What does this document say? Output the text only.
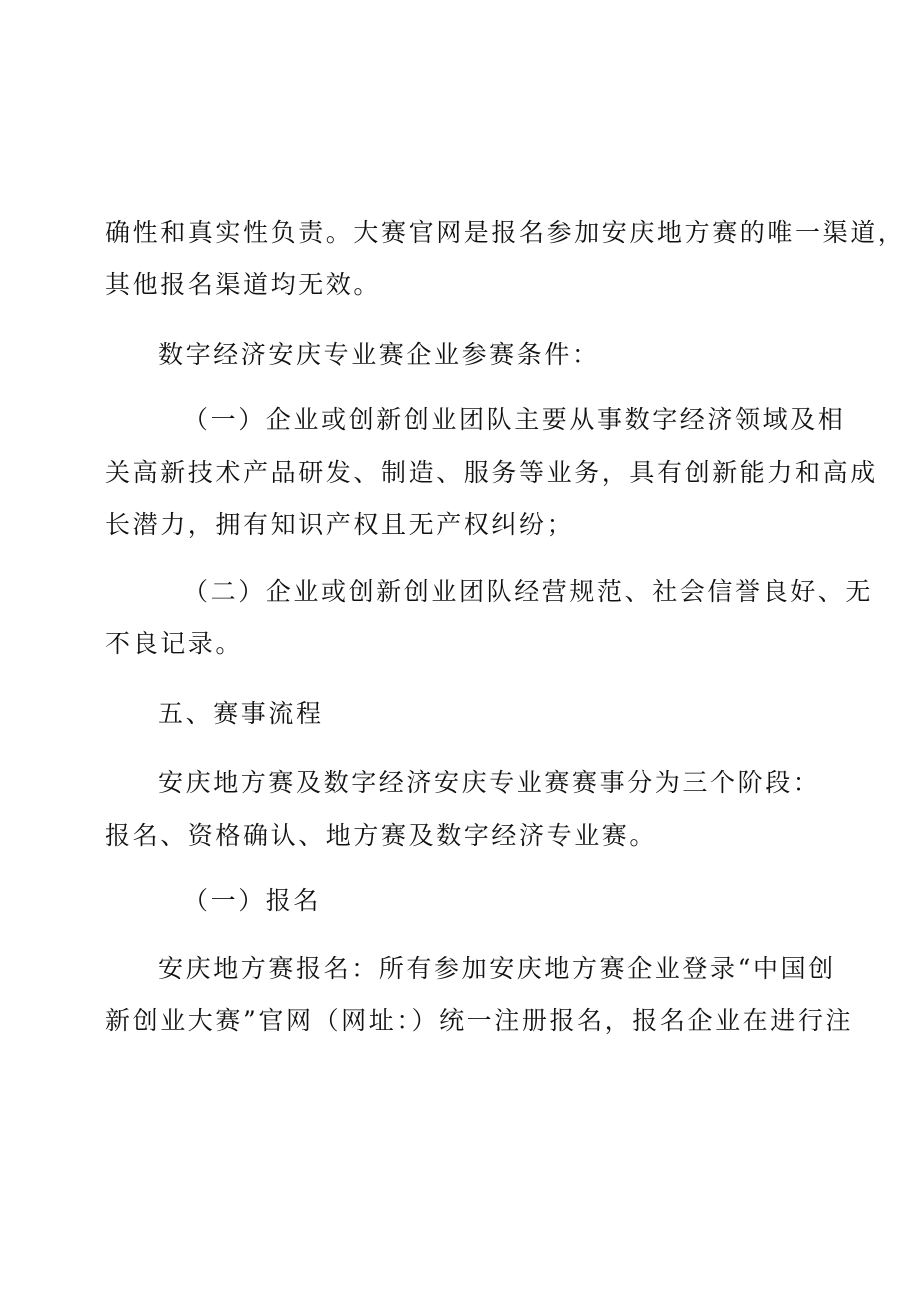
确性和真实性负责。大赛官网是报名参加安庆地方赛的唯一渠道，
其他报名渠道均无效。
数字经济安庆专业赛企业参赛条件：
（一）企业或创新创业团队主要从事数字经济领域及相
关高新技术产品研发、制造、服务等业务，具有创新能力和高成
长潜力，拥有知识产权且无产权纠纷；
（二）企业或创新创业团队经营规范、社会信誉良好、无
不良记录。
五、赛事流程
安庆地方赛及数字经济安庆专业赛赛事分为三个阶段：
报名、资格确认、地方赛及数字经济专业赛。
（一）报名
安庆地方赛报名：所有参加安庆地方赛企业登录“中国创
新创业大赛”官网（网址：）统一注册报名，报名企业在进行注
